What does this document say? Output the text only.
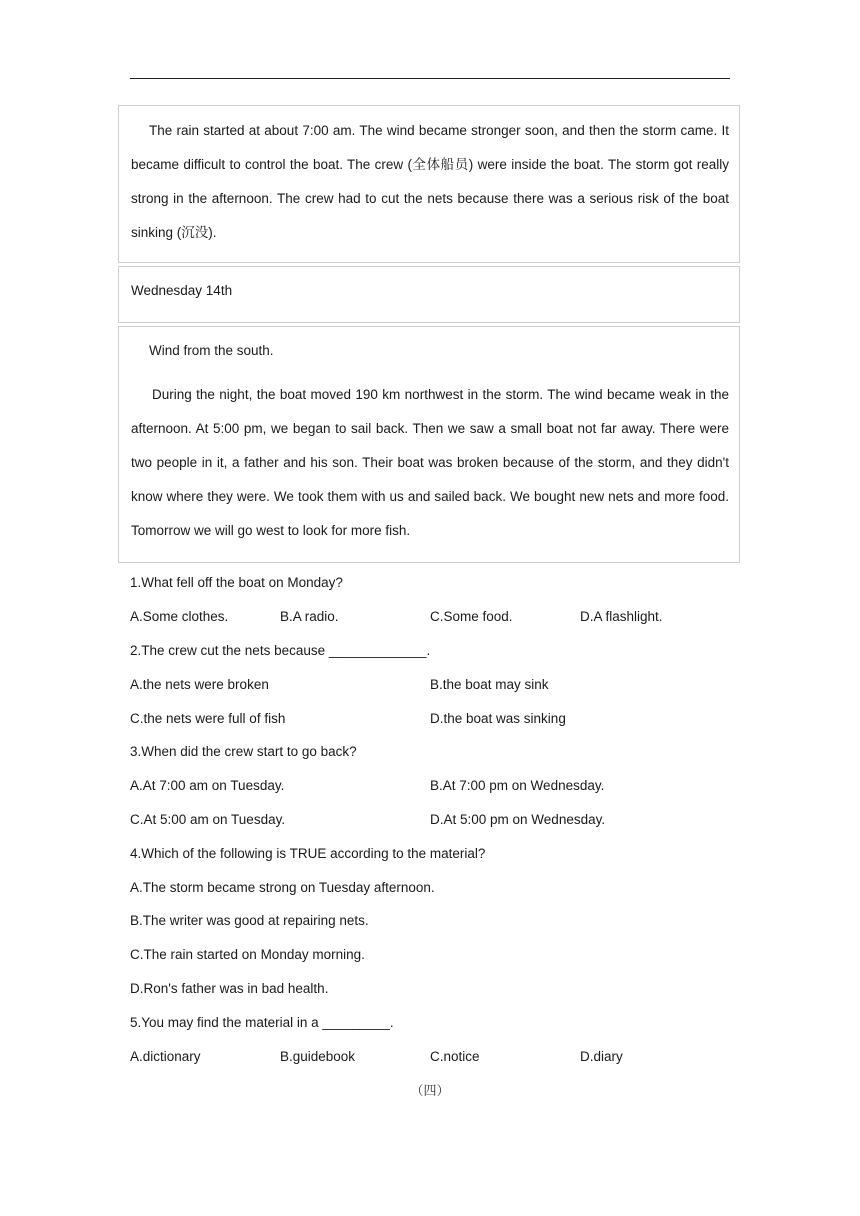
The rain started at about 7:00 am. The wind became stronger soon, and then the storm came. It became difficult to control the boat. The crew (全体船员) were inside the boat. The storm got really strong in the afternoon. The crew had to cut the nets because there was a serious risk of the boat sinking (沉没).
Wednesday 14th
Wind from the south.
During the night, the boat moved 190 km northwest in the storm. The wind became weak in the afternoon. At 5:00 pm, we began to sail back. Then we saw a small boat not far away. There were two people in it, a father and his son. Their boat was broken because of the storm, and they didn't know where they were. We took them with us and sailed back. We bought new nets and more food. Tomorrow we will go west to look for more fish.
1.What fell off the boat on Monday?
A.Some clothes.	B.A radio.	C.Some food.	D.A flashlight.
2.The crew cut the nets because _____________.
A.the nets were broken	B.the boat may sink
C.the nets were full of fish	D.the boat was sinking
3.When did the crew start to go back?
A.At 7:00 am on Tuesday.	B.At 7:00 pm on Wednesday.
C.At 5:00 am on Tuesday.	D.At 5:00 pm on Wednesday.
4.Which of the following is TRUE according to the material?
A.The storm became strong on Tuesday afternoon.
B.The writer was good at repairing nets.
C.The rain started on Monday morning.
D.Ron's father was in bad health.
5.You may find the material in a _________.
A.dictionary	B.guidebook	C.notice	D.diary
（四）
